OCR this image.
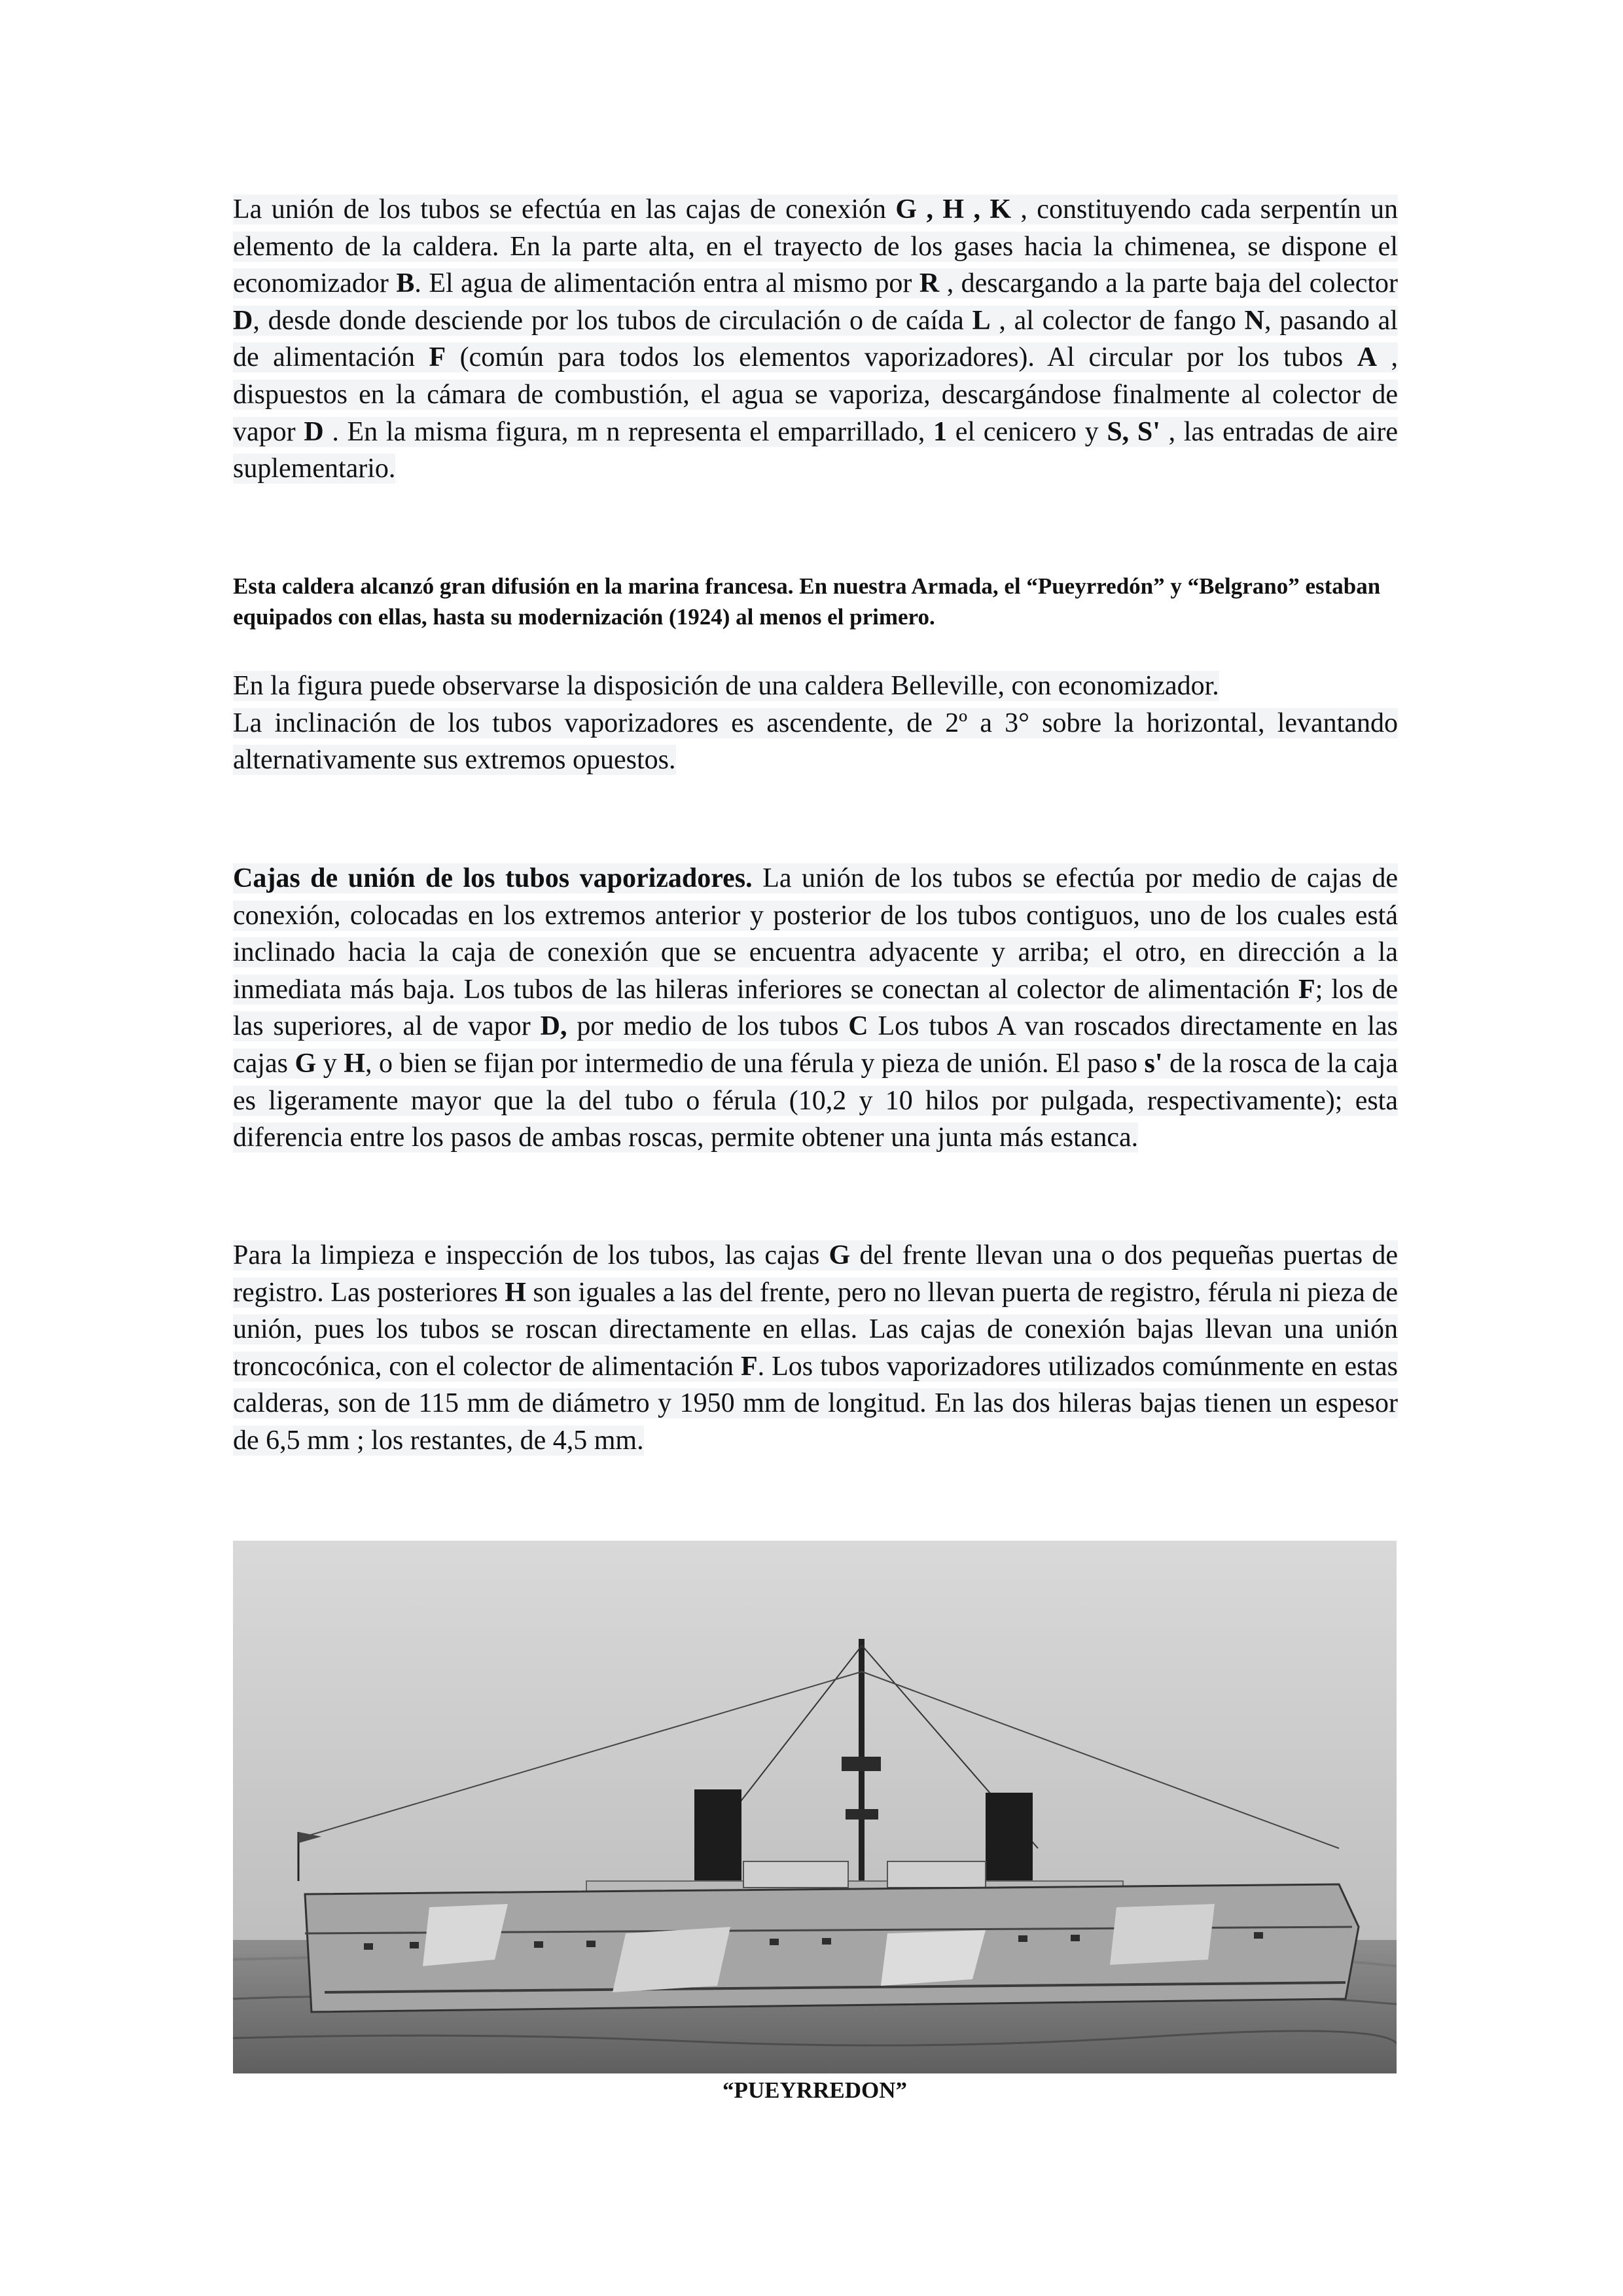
La unión de los tubos se efectúa en las cajas de conexión G , H , K , constituyendo cada serpentín un elemento de la caldera. En la parte alta, en el trayecto de los gases hacia la chimenea, se dispone el economizador B. El agua de alimentación entra al mismo por R , descargando a la parte baja del colector D, desde donde desciende por los tubos de circulación o de caída L , al colector de fango N, pasando al de alimentación F (común para todos los elementos vaporizadores). Al circular por los tubos A , dispuestos en la cámara de combustión, el agua se vaporiza, descargándose finalmente al colector de vapor D . En la misma figura, m n representa el emparrillado, 1 el cenicero y S, S' , las entradas de aire suplementario.

Esta caldera alcanzó gran difusión en la marina francesa. En nuestra Armada, el “Pueyrredón” y “Belgrano” estaban equipados con ellas, hasta su modernización (1924) al menos el primero.

En la figura puede observarse la disposición de una caldera Belleville, con economizador.
La inclinación de los tubos vaporizadores es ascendente, de 2º a 3° sobre la horizontal, levantando alternativamente sus extremos opuestos.

Cajas de unión de los tubos vaporizadores. La unión de los tubos se efectúa por medio de cajas de conexión, colocadas en los extremos anterior y posterior de los tubos contiguos, uno de los cuales está inclinado hacia la caja de conexión que se encuentra adyacente y arriba; el otro, en dirección a la inmediata más baja. Los tubos de las hileras inferiores se conectan al colector de alimentación F; los de las superiores, al de vapor D, por medio de los tubos C Los tubos A van roscados directamente en las cajas G y H, o bien se fijan por intermedio de una férula y pieza de unión. El paso s' de la rosca de la caja es ligeramente mayor que la del tubo o férula (10,2 y 10 hilos por pulgada, respectivamente); esta diferencia entre los pasos de ambas roscas, permite obtener una junta más estanca.

Para la limpieza e inspección de los tubos, las cajas G del frente llevan una o dos pequeñas puertas de registro. Las posteriores H son iguales a las del frente, pero no llevan puerta de registro, férula ni pieza de unión, pues los tubos se roscan directamente en ellas. Las cajas de conexión bajas llevan una unión troncocónica, con el colector de alimentación F. Los tubos vaporizadores utilizados comúnmente en estas calderas, son de 115 mm de diámetro y 1950 mm de longitud. En las dos hileras bajas tienen un espesor de 6,5 mm ; los restantes, de 4,5 mm.

“PUEYRREDON”
